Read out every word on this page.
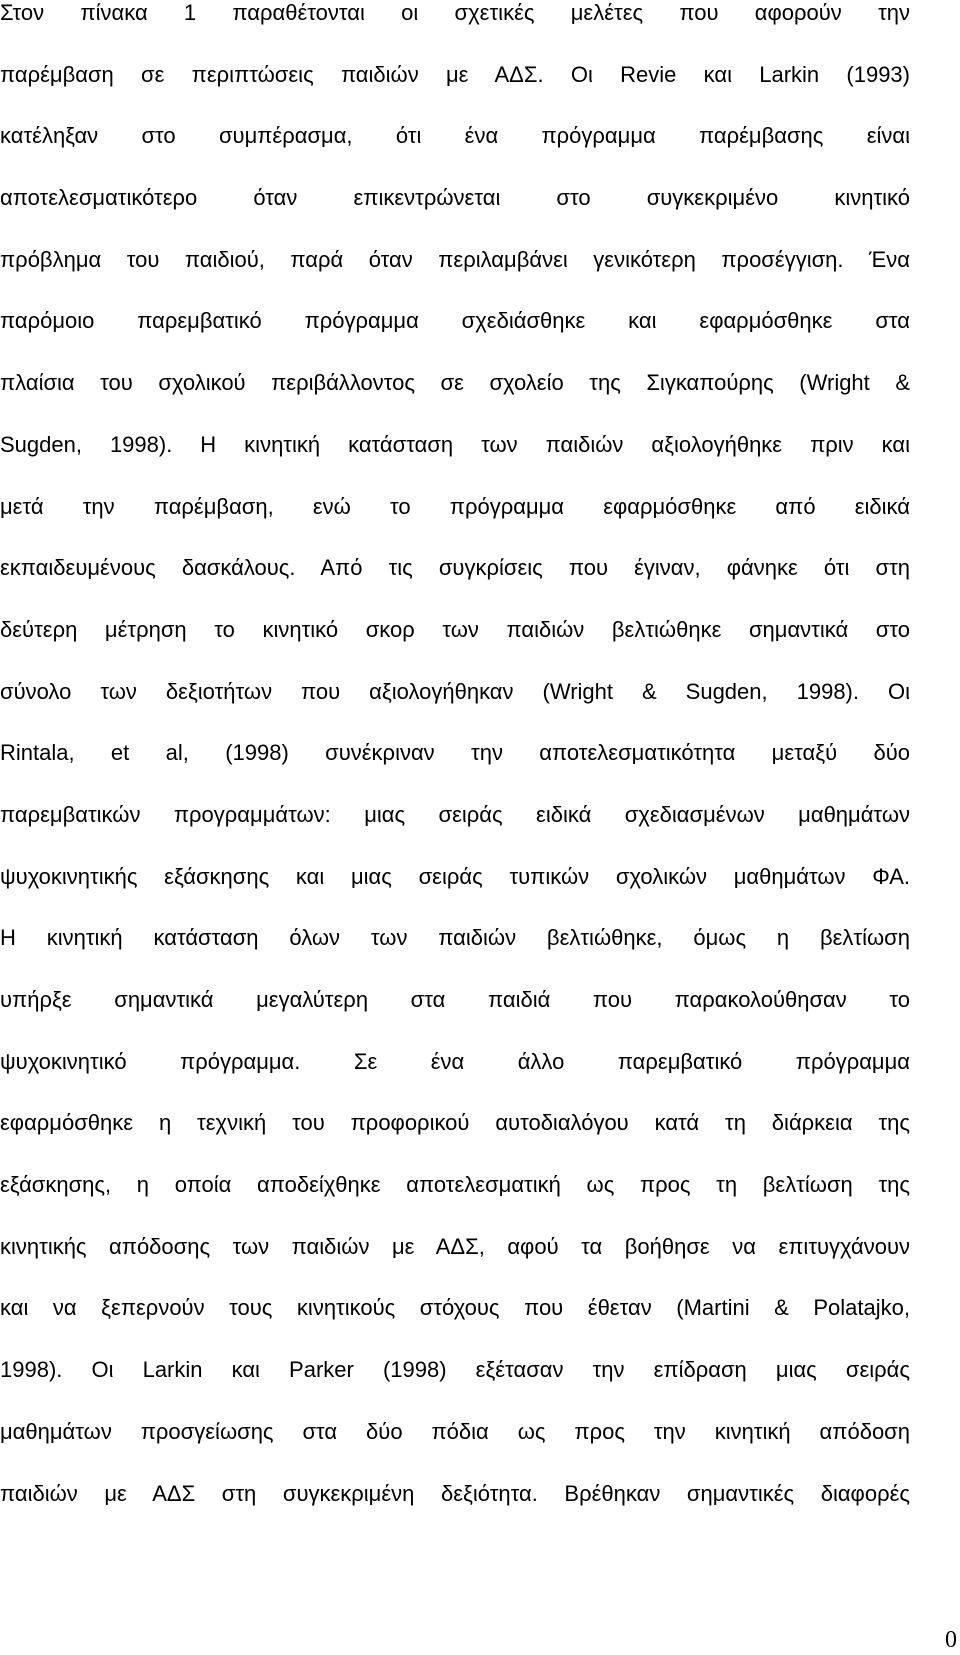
Στον πίνακα 1 παραθέτονται οι σχετικές μελέτες που αφορούν την
παρέμβαση σε περιπτώσεις παιδιών με ΑΔΣ. Οι Revie και Larkin (1993)
κατέληξαν στο συμπέρασμα, ότι ένα πρόγραμμα παρέμβασης είναι
αποτελεσματικότερο όταν επικεντρώνεται στο συγκεκριμένο κινητικό
πρόβλημα του παιδιού, παρά όταν περιλαμβάνει γενικότερη προσέγγιση. Ένα
παρόμοιο παρεμβατικό πρόγραμμα σχεδιάσθηκε και εφαρμόσθηκε στα
πλαίσια του σχολικού περιβάλλοντος σε σχολείο της Σιγκαπούρης (Wright &
Sugden, 1998). Η κινητική κατάσταση των παιδιών αξιολογήθηκε πριν και
μετά την παρέμβαση, ενώ το πρόγραμμα εφαρμόσθηκε από ειδικά
εκπαιδευμένους δασκάλους. Από τις συγκρίσεις που έγιναν, φάνηκε ότι στη
δεύτερη μέτρηση το κινητικό σκορ των παιδιών βελτιώθηκε σημαντικά στο
σύνολο των δεξιοτήτων που αξιολογήθηκαν (Wright & Sugden, 1998). Οι
Rintala, et al, (1998) συνέκριναν την αποτελεσματικότητα μεταξύ δύο
παρεμβατικών προγραμμάτων: μιας σειράς ειδικά σχεδιασμένων μαθημάτων
ψυχοκινητικής εξάσκησης και μιας σειράς τυπικών σχολικών μαθημάτων ΦΑ.
Η κινητική κατάσταση όλων των παιδιών βελτιώθηκε, όμως η βελτίωση
υπήρξε σημαντικά μεγαλύτερη στα παιδιά που παρακολούθησαν το
ψυχοκινητικό πρόγραμμα. Σε ένα άλλο παρεμβατικό πρόγραμμα
εφαρμόσθηκε η τεχνική του προφορικού αυτοδιαλόγου κατά τη διάρκεια της
εξάσκησης, η οποία αποδείχθηκε αποτελεσματική ως προς τη βελτίωση της
κινητικής απόδοσης των παιδιών με ΑΔΣ, αφού τα βοήθησε να επιτυγχάνουν
και να ξεπερνούν τους κινητικούς στόχους που έθεταν (Martini & Polatajko,
1998). Οι Larkin και Parker (1998) εξέτασαν την επίδραση μιας σειράς
μαθημάτων προσγείωσης στα δύο πόδια ως προς την κινητική απόδοση
παιδιών με ΑΔΣ στη συγκεκριμένη δεξιότητα. Βρέθηκαν σημαντικές διαφορές
0
